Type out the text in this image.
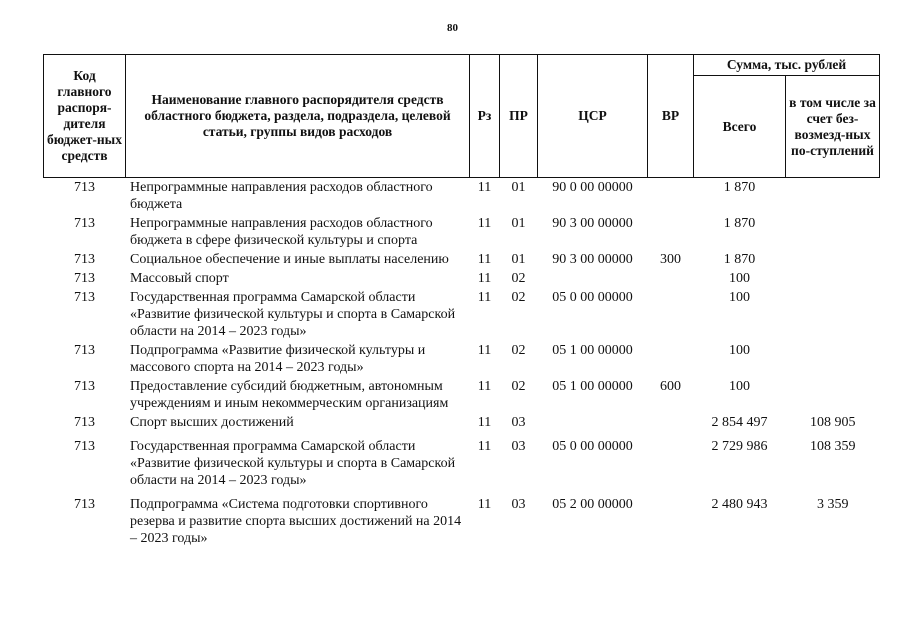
80
Код главного распоря-дителя бюджет-ных средств	Наименование главного распорядителя средств областного бюджета, раздела, подраздела, целевой статьи, группы видов расходов	Рз	ПР	ЦСР	ВР	Сумма, тыс. рублей	
						Всего	в том числе за счет без-возмезд-ных по-ступлений
713	Непрограммные направления расходов областного бюджета	11	01	90 0 00 00000		1 870	
713	Непрограммные направления расходов областного бюджета в сфере физической культуры и спорта	11	01	90 3 00 00000		1 870	
713	Социальное обеспечение и иные выплаты населению	11	01	90 3 00 00000	300	1 870	
713	Массовый спорт	11	02			100	
713	Государственная программа Самарской области «Развитие физической культуры и спорта в Самарской области на 2014 – 2023 годы»	11	02	05 0 00 00000		100	
713	Подпрограмма «Развитие физической культуры и массового спорта на 2014 – 2023 годы»	11	02	05 1 00 00000		100	
713	Предоставление субсидий бюджетным, автономным учреждениям и иным некоммерческим организациям	11	02	05 1 00 00000	600	100	
713	Спорт высших достижений	11	03			2 854 497	108 905
713	Государственная программа Самарской области «Развитие физической культуры и спорта в Самарской области на 2014 – 2023 годы»	11	03	05 0 00 00000		2 729 986	108 359
713	Подпрограмма «Система подготовки спортивного резерва и развитие спорта высших достижений на 2014 – 2023 годы»	11	03	05 2 00 00000		2 480 943	3 359
